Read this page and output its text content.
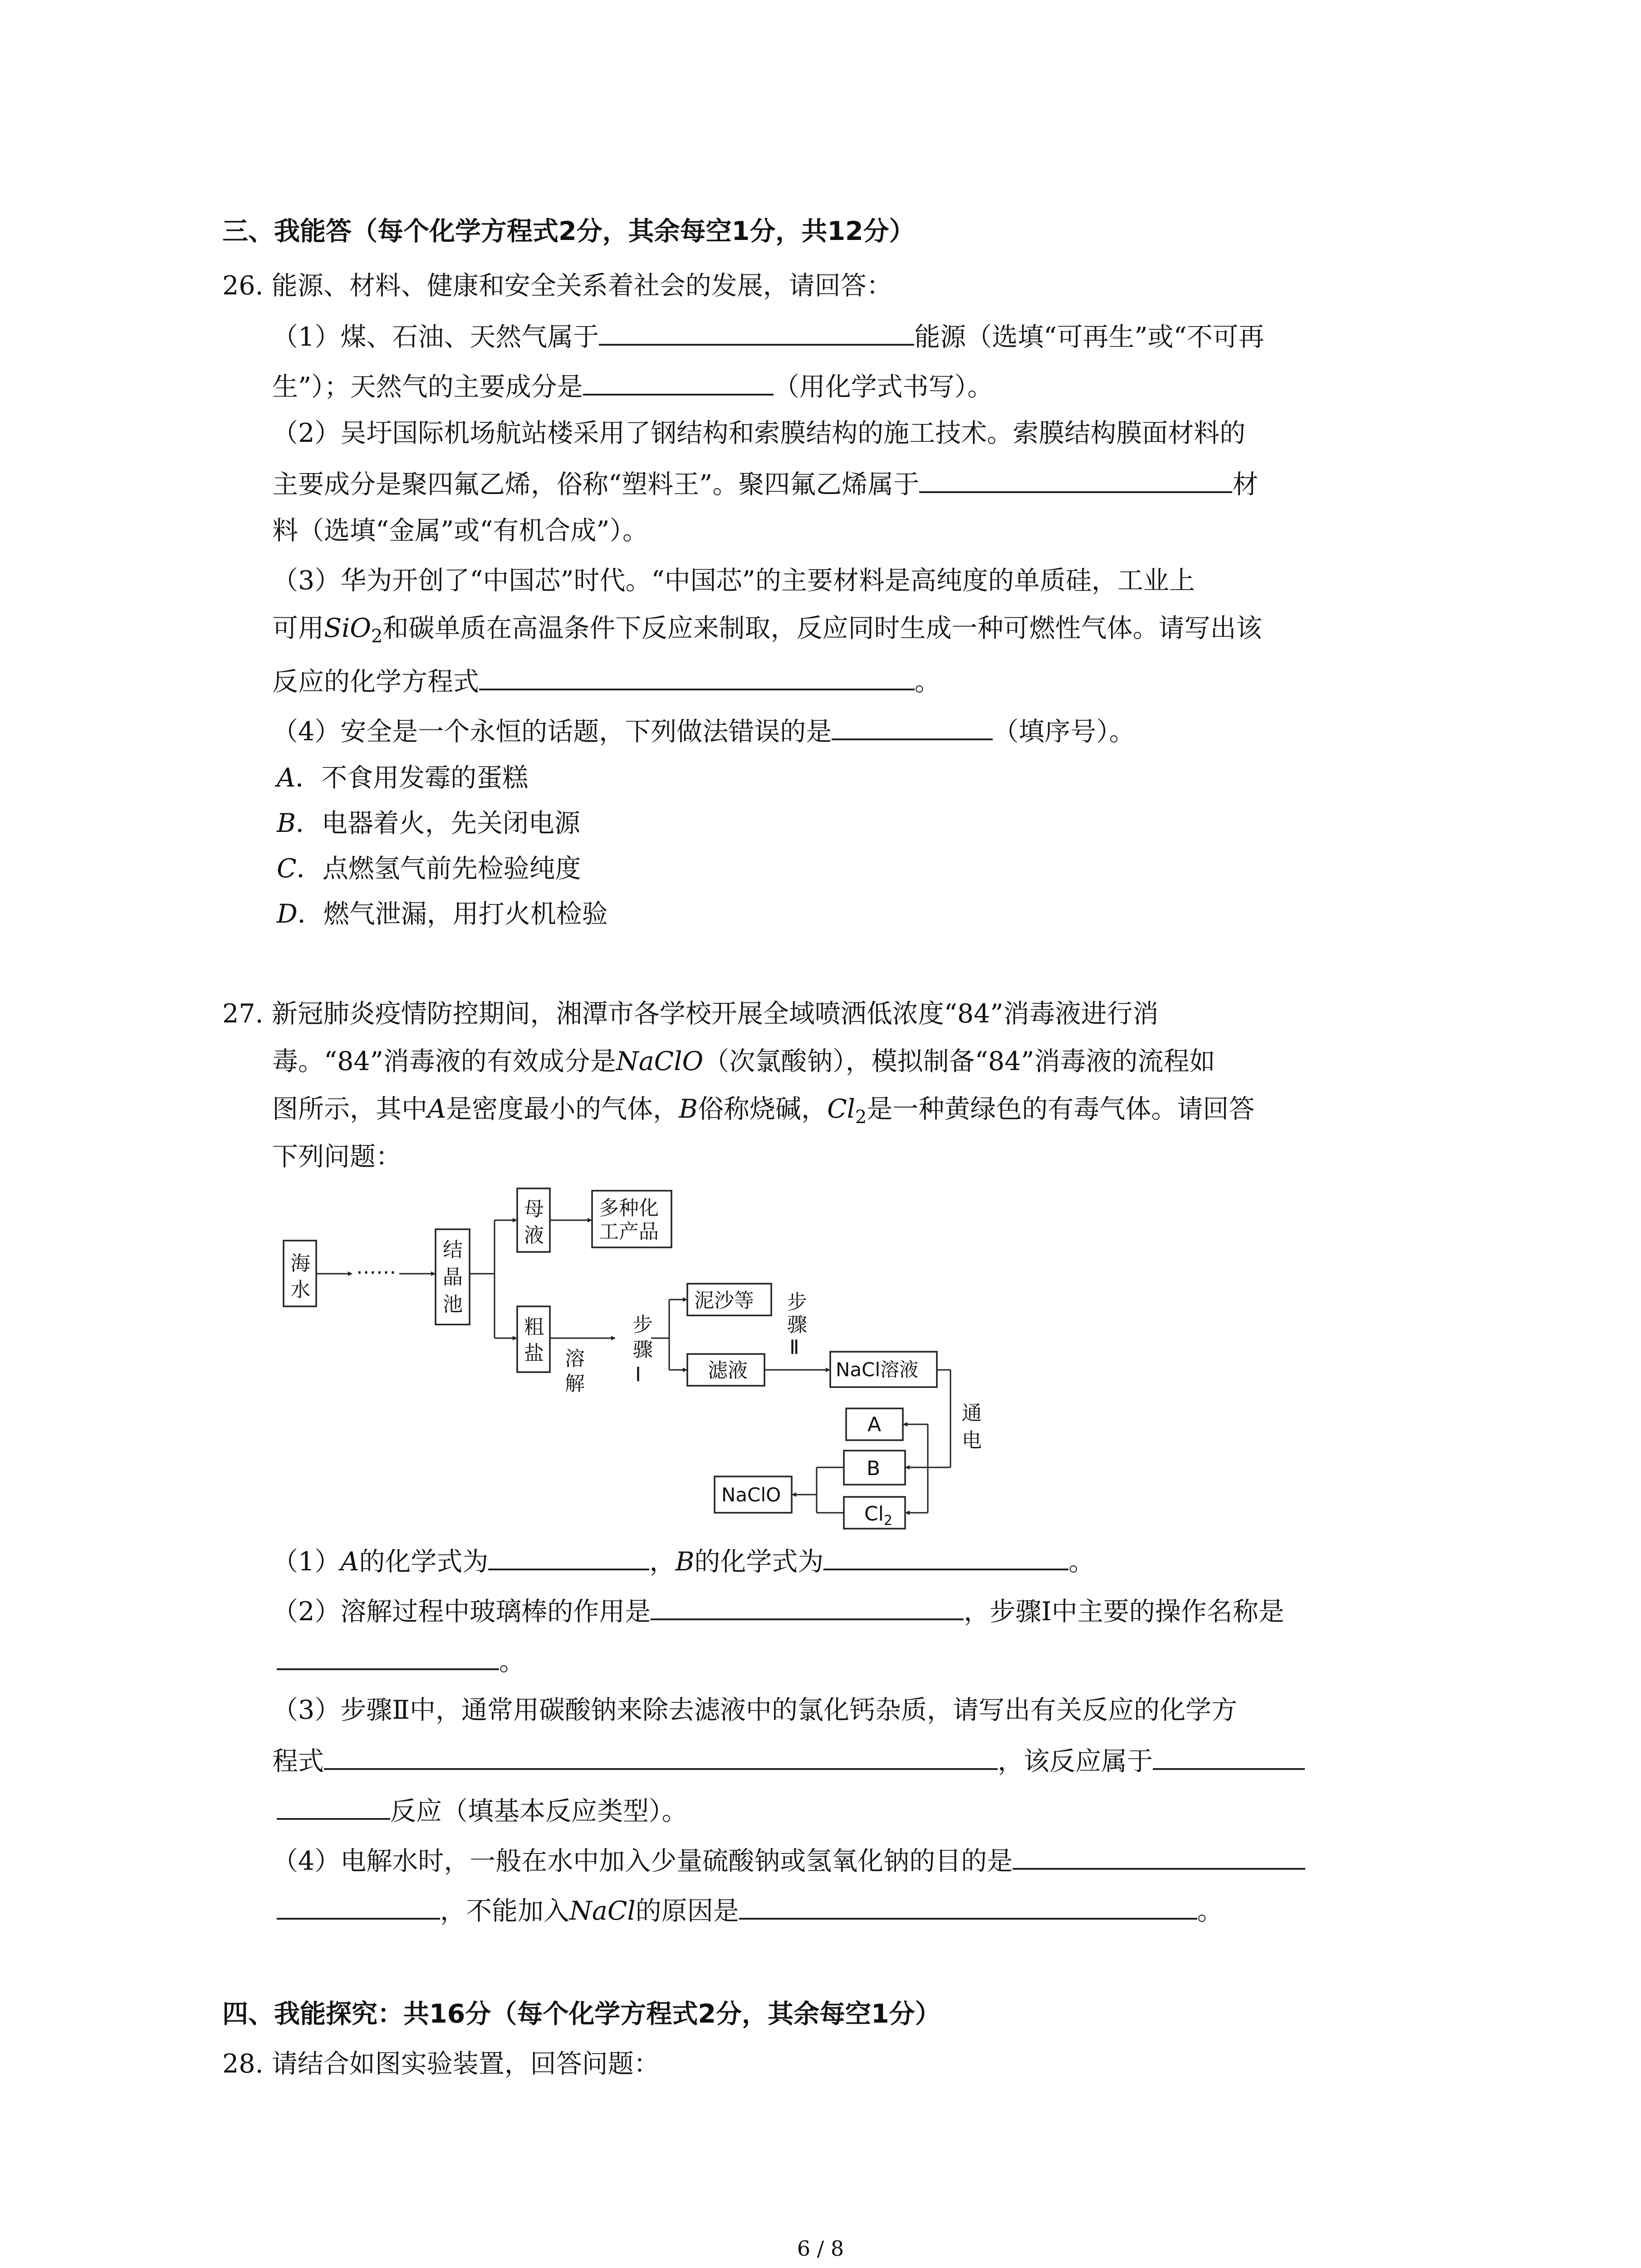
三、我能答（每个化学方程式2分，其余每空1分，共12分）
26. 能源、材料、健康和安全关系着社会的发展，请回答：
（1）煤、石油、天然气属于	能源（选填“可再生”或“不可再
生”）；天然气的主要成分是	（用化学式书写）。
（2）吴圩国际机场航站楼采用了钢结构和索膜结构的施工技术。索膜结构膜面材料的
主要成分是聚四氟乙烯，俗称“塑料王”。聚四氟乙烯属于	材
料（选填“金属”或“有机合成”）。
（3）华为开创了“中国芯”时代。“中国芯”的主要材料是高纯度的单质硅，工业上
可用SiO$_2$和碳单质在高温条件下反应来制取，反应同时生成一种可燃性气体。请写出该
反应的化学方程式	。
（4）安全是一个永恒的话题，下列做法错误的是	（填序号）。
A．不食用发霉的蛋糕
B．电器着火，先关闭电源
C．点燃氢气前先检验纯度
D．燃气泄漏，用打火机检验
27. 新冠肺炎疫情防控期间，湘潭市各学校开展全域喷洒低浓度“84”消毒液进行消
毒。“84”消毒液的有效成分是NaClO（次氯酸钠），模拟制备“84”消毒液的流程如
图所示，其中A是密度最小的气体，B俗称烧碱，$Cl_2$是一种黄绿色的有毒气体。请回答
下列问题：
海
水
……
结
晶
池
母
液
多种化
工产品
粗
盐 溶
解
步
骤
Ⅰ
泥沙等
滤液
步
骤
Ⅱ
NaCl溶液
通
电
A
B
$Cl_2$
NaClO
（1）A的化学式为	，B的化学式为	。
（2）溶解过程中玻璃棒的作用是	，步骤Ⅰ中主要的操作名称是
。
（3）步骤Ⅱ中，通常用碳酸钠来除去滤液中的氯化钙杂质，请写出有关反应的化学方
程式	，该反应属于
反应（填基本反应类型）。
（4）电解水时，一般在水中加入少量硫酸钠或氢氧化钠的目的是
，不能加入NaCl的原因是	。
四、我能探究：共16分（每个化学方程式2分，其余每空1分）
28. 请结合如图实验装置，回答问题：
6 / 8
